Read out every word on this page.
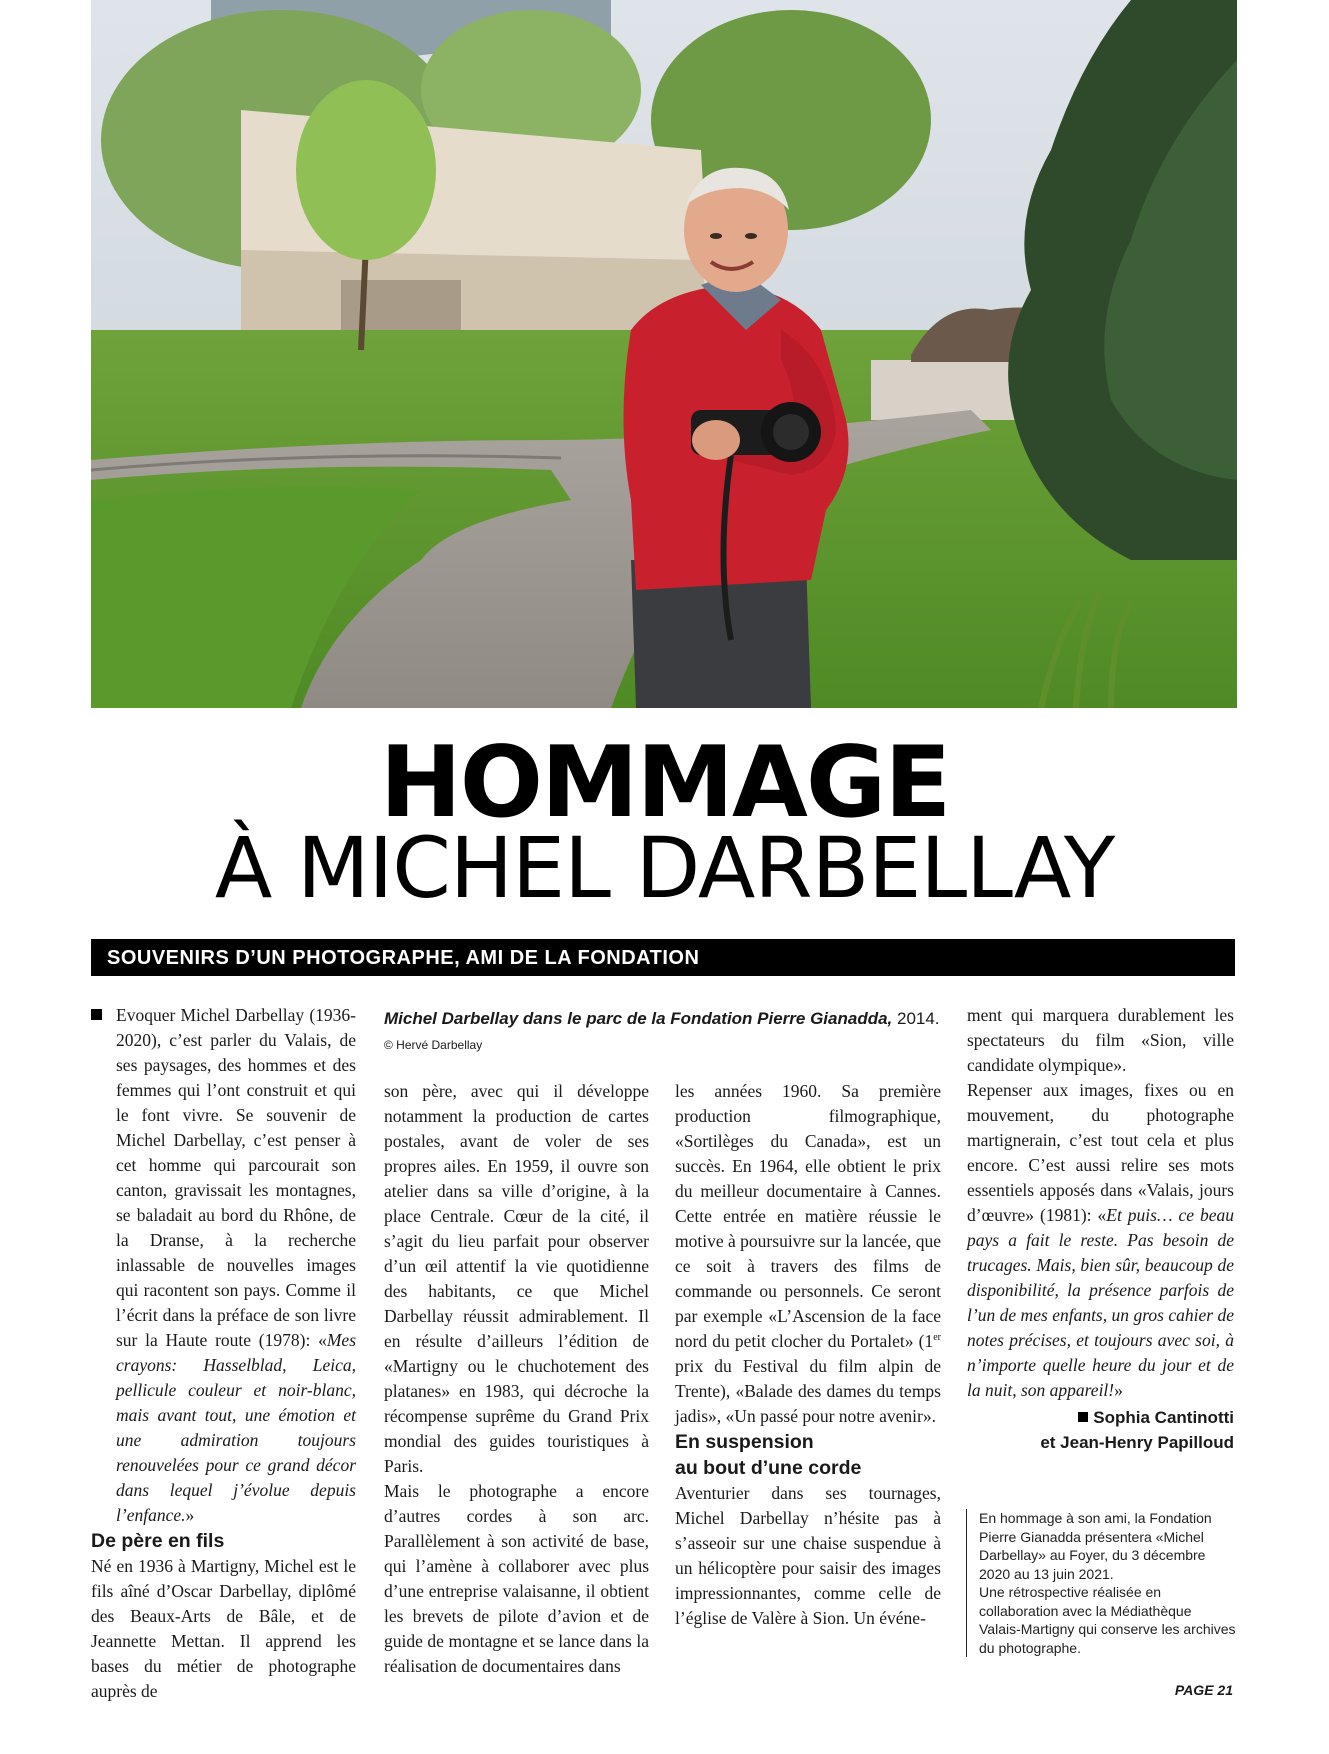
HOMMAGE
À MICHEL DARBELLAY
SOUVENIRS D’UN PHOTOGRAPHE, AMI DE LA FONDATION
Michel Darbellay dans le parc de la Fondation Pierre Gianadda, 2014. © Hervé Darbellay

Evoquer Michel Darbellay (1936-2020), c’est parler du Valais, de ses paysages, des hommes et des femmes qui l’ont construit et qui le font vivre. Se souvenir de Michel Darbellay, c’est penser à cet homme qui parcourait son canton, gravissait les montagnes, se baladait au bord du Rhône, de la Dranse, à la recherche inlassable de nouvelles images qui racontent son pays. Comme il l’écrit dans la préface de son livre sur la Haute route (1978): «Mes crayons: Hasselblad, Leica, pellicule couleur et noir-blanc, mais avant tout, une émotion et une admiration toujours renouvelées pour ce grand décor dans lequel j’évolue depuis l’enfance.»

De père en fils

Né en 1936 à Martigny, Michel est le fils aîné d’Oscar Darbellay, diplômé des Beaux-Arts de Bâle, et de Jeannette Mettan. Il apprend les bases du métier de photographe auprès de

son père, avec qui il développe notamment la production de cartes postales, avant de voler de ses propres ailes. En 1959, il ouvre son atelier dans sa ville d’origine, à la place Centrale. Cœur de la cité, il s’agit du lieu parfait pour observer d’un œil attentif la vie quotidienne des habitants, ce que Michel Darbellay réussit admirablement. Il en résulte d’ailleurs l’édition de «Martigny ou le chuchotement des platanes» en 1983, qui décroche la récompense suprême du Grand Prix mondial des guides touristiques à Paris.

Mais le photographe a encore d’autres cordes à son arc. Parallèlement à son activité de base, qui l’amène à collaborer avec plus d’une entreprise valaisanne, il obtient les brevets de pilote d’avion et de guide de montagne et se lance dans la réalisation de documentaires dans

les années 1960. Sa première production filmographique, «Sortilèges du Canada», est un succès. En 1964, elle obtient le prix du meilleur documentaire à Cannes. Cette entrée en matière réussie le motive à poursuivre sur la lancée, que ce soit à travers des films de commande ou personnels. Ce seront par exemple «L’Ascension de la face nord du petit clocher du Portalet» (1er prix du Festival du film alpin de Trente), «Balade des dames du temps jadis», «Un passé pour notre avenir».

En suspension
au bout d’une corde

Aventurier dans ses tournages, Michel Darbellay n’hésite pas à s’asseoir sur une chaise suspendue à un hélicoptère pour saisir des images impressionnantes, comme celle de l’église de Valère à Sion. Un événe-

ment qui marquera durablement les spectateurs du film «Sion, ville candidate olympique».

Repenser aux images, fixes ou en mouvement, du photographe martignerain, c’est tout cela et plus encore. C’est aussi relire ses mots essentiels apposés dans «Valais, jours d’œuvre» (1981): «Et puis… ce beau pays a fait le reste. Pas besoin de trucages. Mais, bien sûr, beaucoup de disponibilité, la présence parfois de l’un de mes enfants, un gros cahier de notes précises, et toujours avec soi, à n’importe quelle heure du jour et de la nuit, son appareil!»

Sophia Cantinotti
et Jean-Henry Papilloud
En hommage à son ami, la Fondation Pierre Gianadda présentera «Michel Darbellay» au Foyer, du 3 décembre 2020 au 13 juin 2021.
Une rétrospective réalisée en collaboration avec la Médiathèque Valais-Martigny qui conserve les archives du photographe.
PAGE 21
